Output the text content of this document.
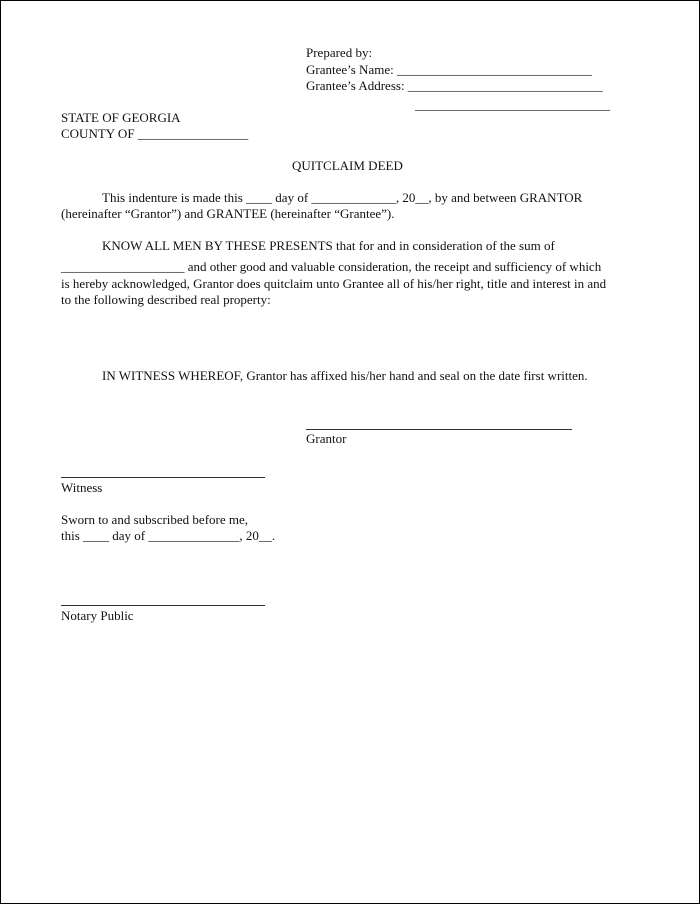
Prepared by:
Grantee’s Name: ______________________________
Grantee’s Address: ______________________________
______________________________
STATE OF GEORGIA
COUNTY OF _________________
QUITCLAIM DEED
This indenture is made this ____ day of _____________, 20__, by and between GRANTOR
(hereinafter “Grantor”) and GRANTEE (hereinafter “Grantee”).
KNOW ALL MEN BY THESE PRESENTS that for and in consideration of the sum of
___________________ and other good and valuable consideration, the receipt and sufficiency of which
is hereby acknowledged, Grantor does quitclaim unto Grantee all of his/her right, title and interest in and
to the following described real property:
IN WITNESS WHEREOF, Grantor has affixed his/her hand and seal on the date first written.
Grantor
Witness
Sworn to and subscribed before me,
this ____ day of ______________, 20__.
Notary Public
